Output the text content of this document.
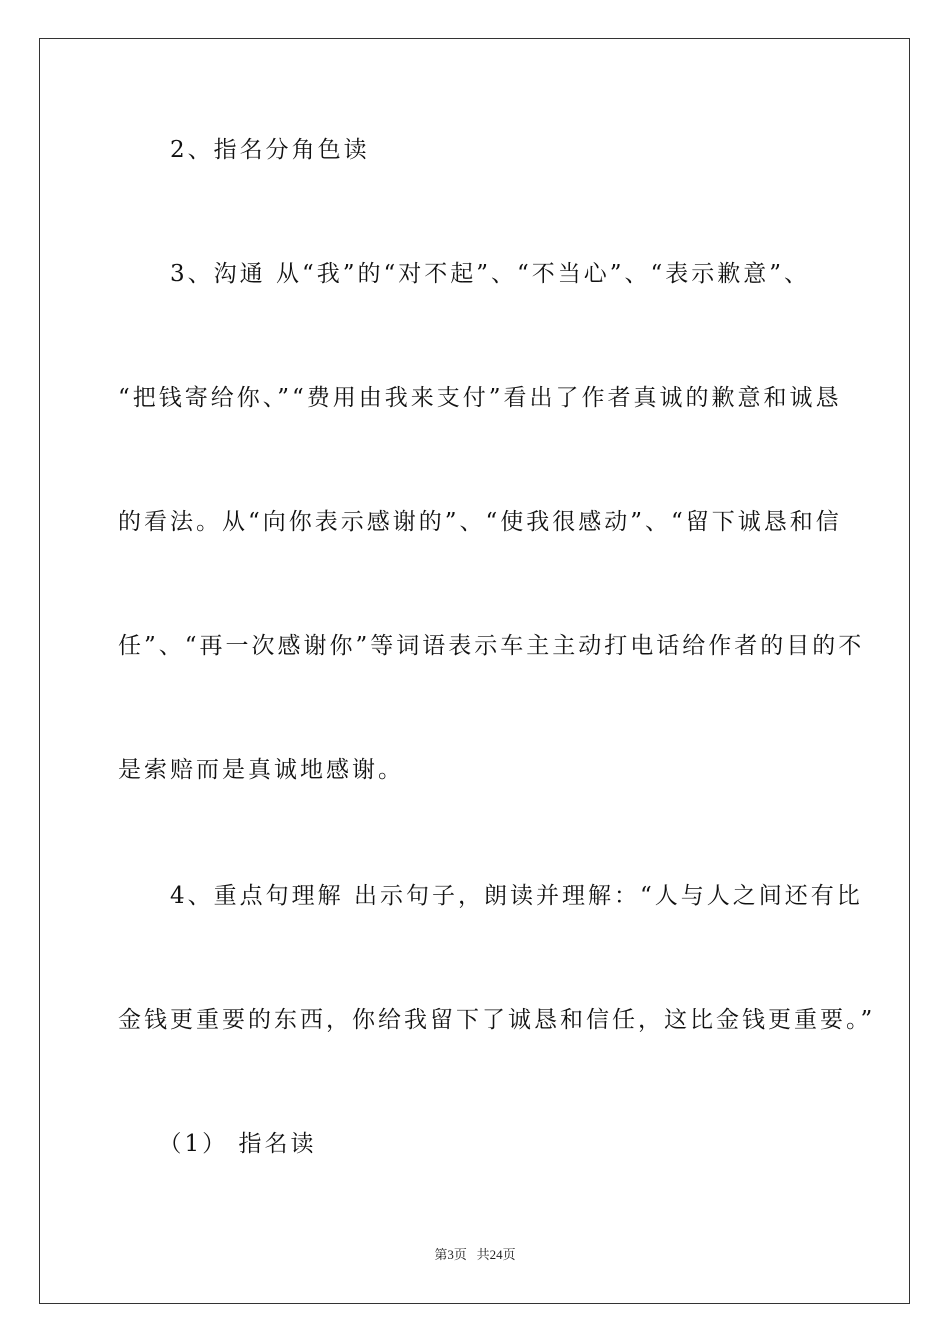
　　2、指名分角色读
　　3、沟通 从“我”的“对不起”、“不当心”、“表示歉意”、
“把钱寄给你、”“费用由我来支付”看出了作者真诚的歉意和诚恳
的看法。从“向你表示感谢的”、“使我很感动”、“留下诚恳和信
任”、“再一次感谢你”等词语表示车主主动打电话给作者的目的不
是索赔而是真诚地感谢。
　　4、重点句理解 出示句子，朗读并理解：“人与人之间还有比
金钱更重要的东西，你给我留下了诚恳和信任，这比金钱更重要。”
　　（1） 指名读
第3页   共24页
